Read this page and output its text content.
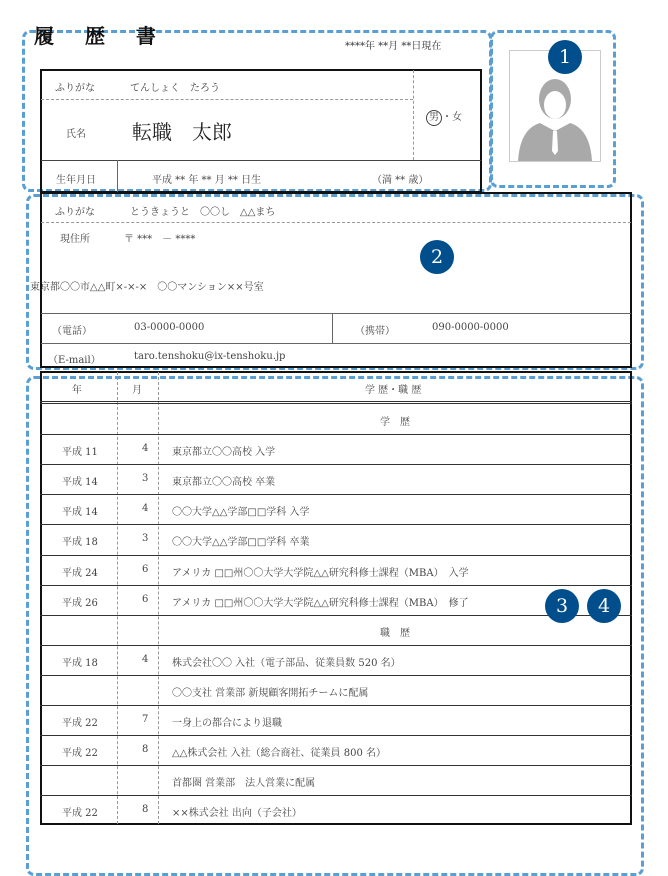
履 歴 書	****年 **月 **日現在
ふりがな	てんしょく　たろう
氏名 転職　太郎
男 ・女
生年月日	平成 ** 年 ** 月 ** 日生	（満 ** 歳）
ふりがな	とうきょうと　〇〇し　△△まち
現住所	〒 ***　－ ****
東京都〇〇市△△町×-×-×　〇〇マンション××号室
（電話）	03-0000-0000	（携帯）	090-0000-0000
（E-mail）	taro.tenshoku@ix-tenshoku.jp
年	月	学 歴・職 歴
学　歴
平成 11	4 東京都立〇〇高校 入学
平成 14	3 東京都立〇〇高校 卒業
平成 14	4 〇〇大学△△学部□□学科 入学
平成 18	3 〇〇大学△△学部□□学科 卒業
平成 24	6 アメリカ □□州〇〇大学大学院△△研究科修士課程（MBA）　入学
平成 26	6 アメリカ □□州〇〇大学大学院△△研究科修士課程（MBA）　修了
職　歴
平成 18	4 株式会社〇〇 入社（電子部品、従業員数 520 名）
〇〇支社 営業部 新規顧客開拓チームに配属
平成 22	7 一身上の都合により退職
平成 22	8 △△株式会社 入社（総合商社、従業員 800 名）
首都圏 営業部　法人営業に配属
平成 22	8 ××株式会社 出向（子会社）
1
2
3	4
